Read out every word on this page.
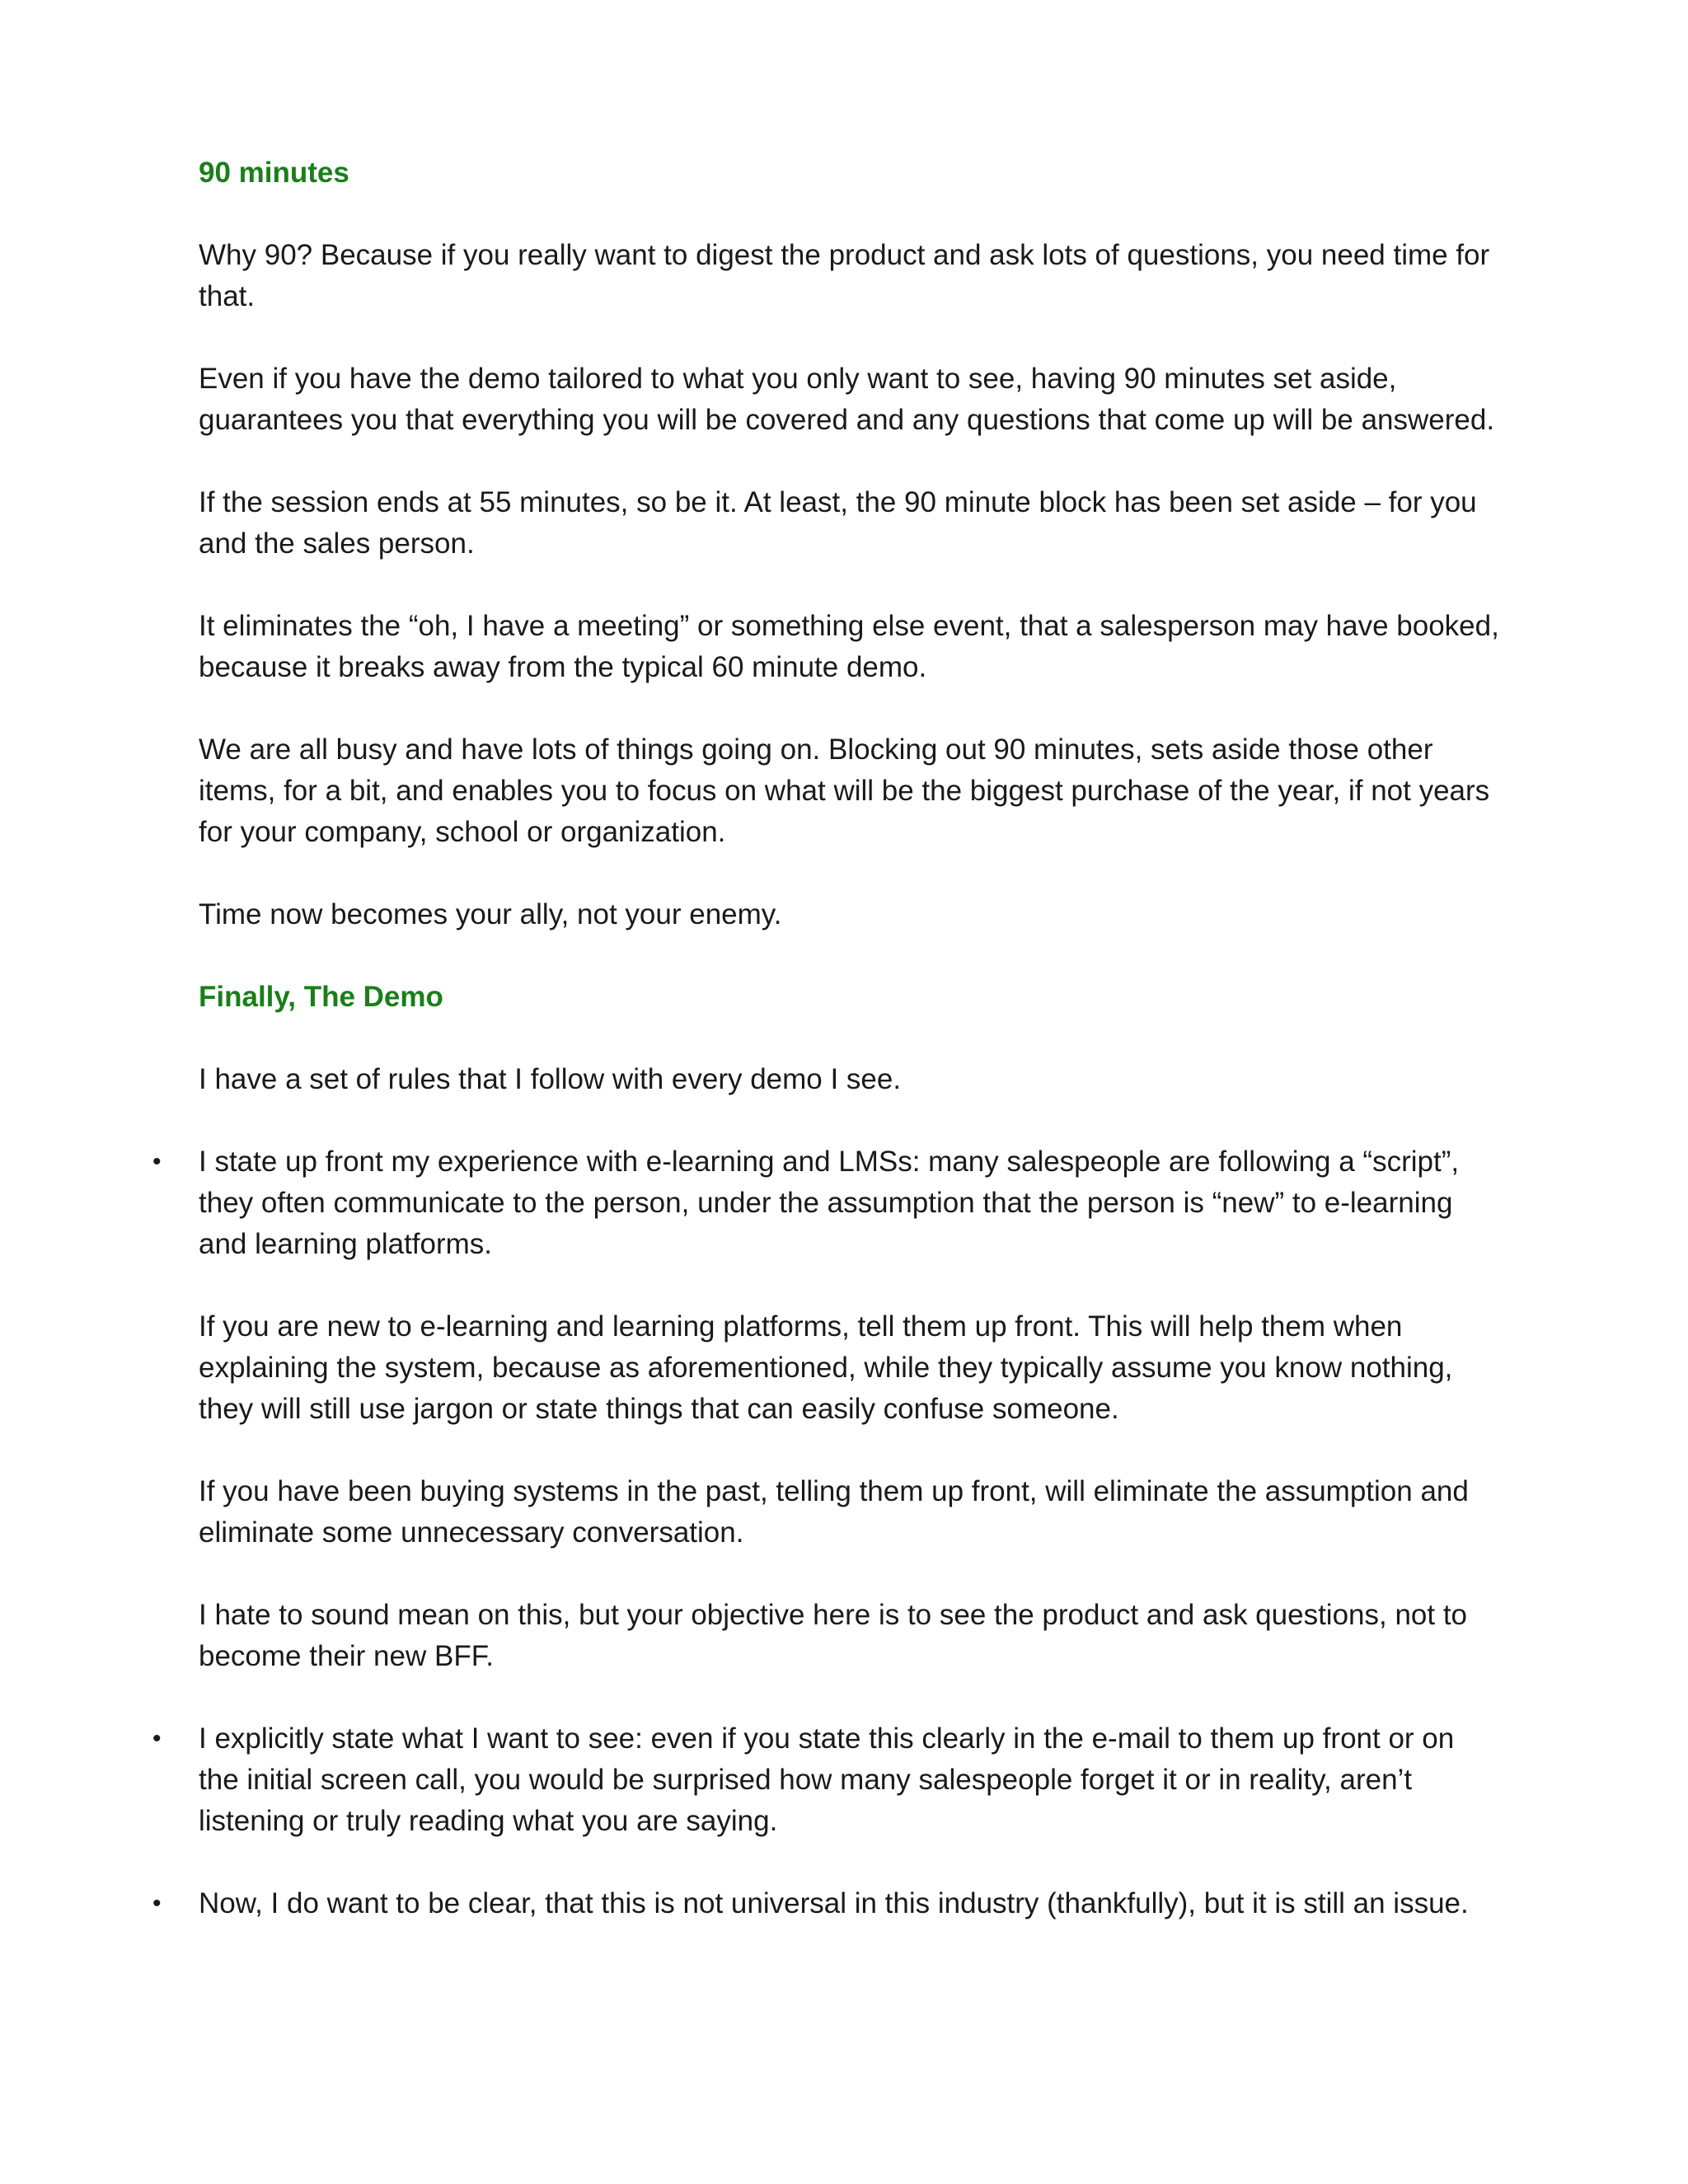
90 minutes
Why 90? Because if you really want to digest the product and ask lots of questions, you need time for that.
Even if you have the demo tailored to what you only want to see, having 90 minutes set aside, guarantees you that everything you will be covered and any questions that come up will be answered.
If the session ends at 55 minutes, so be it. At least, the 90 minute block has been set aside – for you and the sales person.
It eliminates the “oh, I have a meeting” or something else event, that a salesperson may have booked, because it breaks away from the typical 60 minute demo.
We are all busy and have lots of things going on. Blocking out 90 minutes, sets aside those other items, for a bit, and enables you to focus on what will be the biggest purchase of the year, if not years for your company, school or organization.
Time now becomes your ally, not your enemy.
Finally, The Demo
I have a set of rules that I follow with every demo I see.
• I state up front my experience with e-learning and LMSs: many salespeople are following a “script”, they often communicate to the person, under the assumption that the person is “new” to e-learning and learning platforms.
If you are new to e-learning and learning platforms, tell them up front. This will help them when explaining the system, because as aforementioned, while they typically assume you know nothing, they will still use jargon or state things that can easily confuse someone.
If you have been buying systems in the past, telling them up front, will eliminate the assumption and eliminate some unnecessary conversation.
I hate to sound mean on this, but your objective here is to see the product and ask questions, not to become their new BFF.
• I explicitly state what I want to see: even if you state this clearly in the e-mail to them up front or on the initial screen call, you would be surprised how many salespeople forget it or in reality, aren’t listening or truly reading what you are saying.
• Now, I do want to be clear, that this is not universal in this industry (thankfully), but it is still an issue.
